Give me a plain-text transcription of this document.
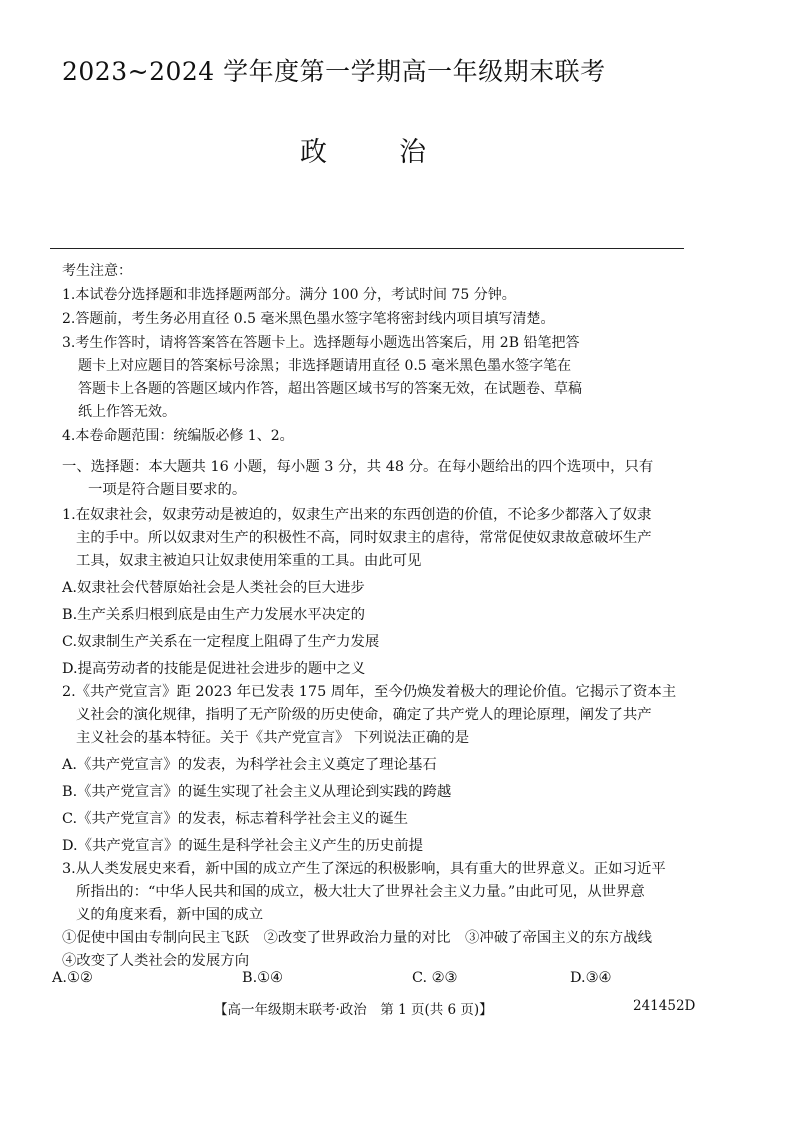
2023~2024 学年度第一学期高一年级期末联考
政	治

考生注意：

1.本试卷分选择题和非选择题两部分。满分 100 分，考试时间 75 分钟。

2.答题前，考生务必用直径 0.5 毫米黑色墨水签字笔将密封线内项目填写清楚。

3.考生作答时，请将答案答在答题卡上。选择题每小题选出答案后，用 2B 铅笔把答

题卡上对应题目的答案标号涂黑；非选择题请用直径 0.5 毫米黑色墨水签字笔在

答题卡上各题的答题区域内作答，超出答题区域书写的答案无效，在试题卷、草稿

纸上作答无效。

4.本卷命题范围：统编版必修 1、2。

一、选择题：本大题共 16 小题，每小题 3 分，共 48 分。在每小题给出的四个选项中，只有

一项是符合题目要求的。

1.在奴隶社会，奴隶劳动是被迫的，奴隶生产出来的东西创造的价值，不论多少都落入了奴隶

主的手中。所以奴隶对生产的积极性不高，同时奴隶主的虐待，常常促使奴隶故意破坏生产

工具，奴隶主被迫只让奴隶使用笨重的工具。由此可见

A.奴隶社会代替原始社会是人类社会的巨大进步

B.生产关系归根到底是由生产力发展水平决定的

C.奴隶制生产关系在一定程度上阻碍了生产力发展

D.提高劳动者的技能是促进社会进步的题中之义

2.《共产党宣言》距 2023 年已发表 175 周年，至今仍焕发着极大的理论价值。它揭示了资本主

义社会的演化规律，指明了无产阶级的历史使命，确定了共产党人的理论原理，阐发了共产

主义社会的基本特征。关于《共产党宣言》 下列说法正确的是

A.《共产党宣言》的发表，为科学社会主义奠定了理论基石

B.《共产党宣言》的诞生实现了社会主义从理论到实践的跨越

C.《共产党宣言》的发表，标志着科学社会主义的诞生

D.《共产党宣言》的诞生是科学社会主义产生的历史前提

3.从人类发展史来看，新中国的成立产生了深远的积极影响，具有重大的世界意义。正如习近平

所指出的：“中华人民共和国的成立，极大壮大了世界社会主义力量。”由此可见，从世界意

义的角度来看，新中国的成立

①促使中国由专制向民主飞跃　②改变了世界政治力量的对比　③冲破了帝国主义的东方战线

④改变了人类社会的发展方向

A.①②	B.①④	C. ②③	D.③④
【高一年级期末联考·政治　第 1 页(共 6 页)】	241452D
